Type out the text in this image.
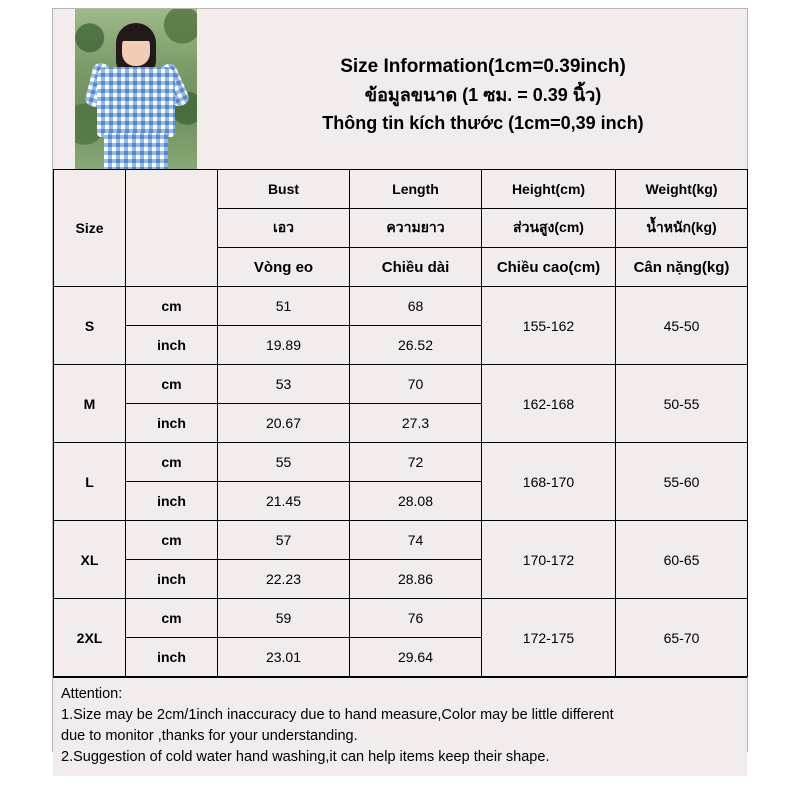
Size Information(1cm=0.39inch)
ข้อมูลขนาด (1 ซม. = 0.39 นิ้ว)
Thông tin kích thước (1cm=0,39 inch)
Size		Bust	Length	Height(cm)	Weight(kg)
		เอว	ความยาว	ส่วนสูง(cm)	น้ำหนัก(kg)
		Vòng eo	Chiều dài	Chiều cao(cm)	Cân nặng(kg)
S	cm	51	68	155-162	45-50
	inch	19.89	26.52		
M	cm	53	70	162-168	50-55
	inch	20.67	27.3		
L	cm	55	72	168-170	55-60
	inch	21.45	28.08		
XL	cm	57	74	170-172	60-65
	inch	22.23	28.86		
2XL	cm	59	76	172-175	65-70
	inch	23.01	29.64		
Attention:
1.Size may be 2cm/1inch inaccuracy due to hand measure,Color may be little different
due to monitor ,thanks for your understanding.
2.Suggestion of cold water hand washing,it can help items keep their shape.
